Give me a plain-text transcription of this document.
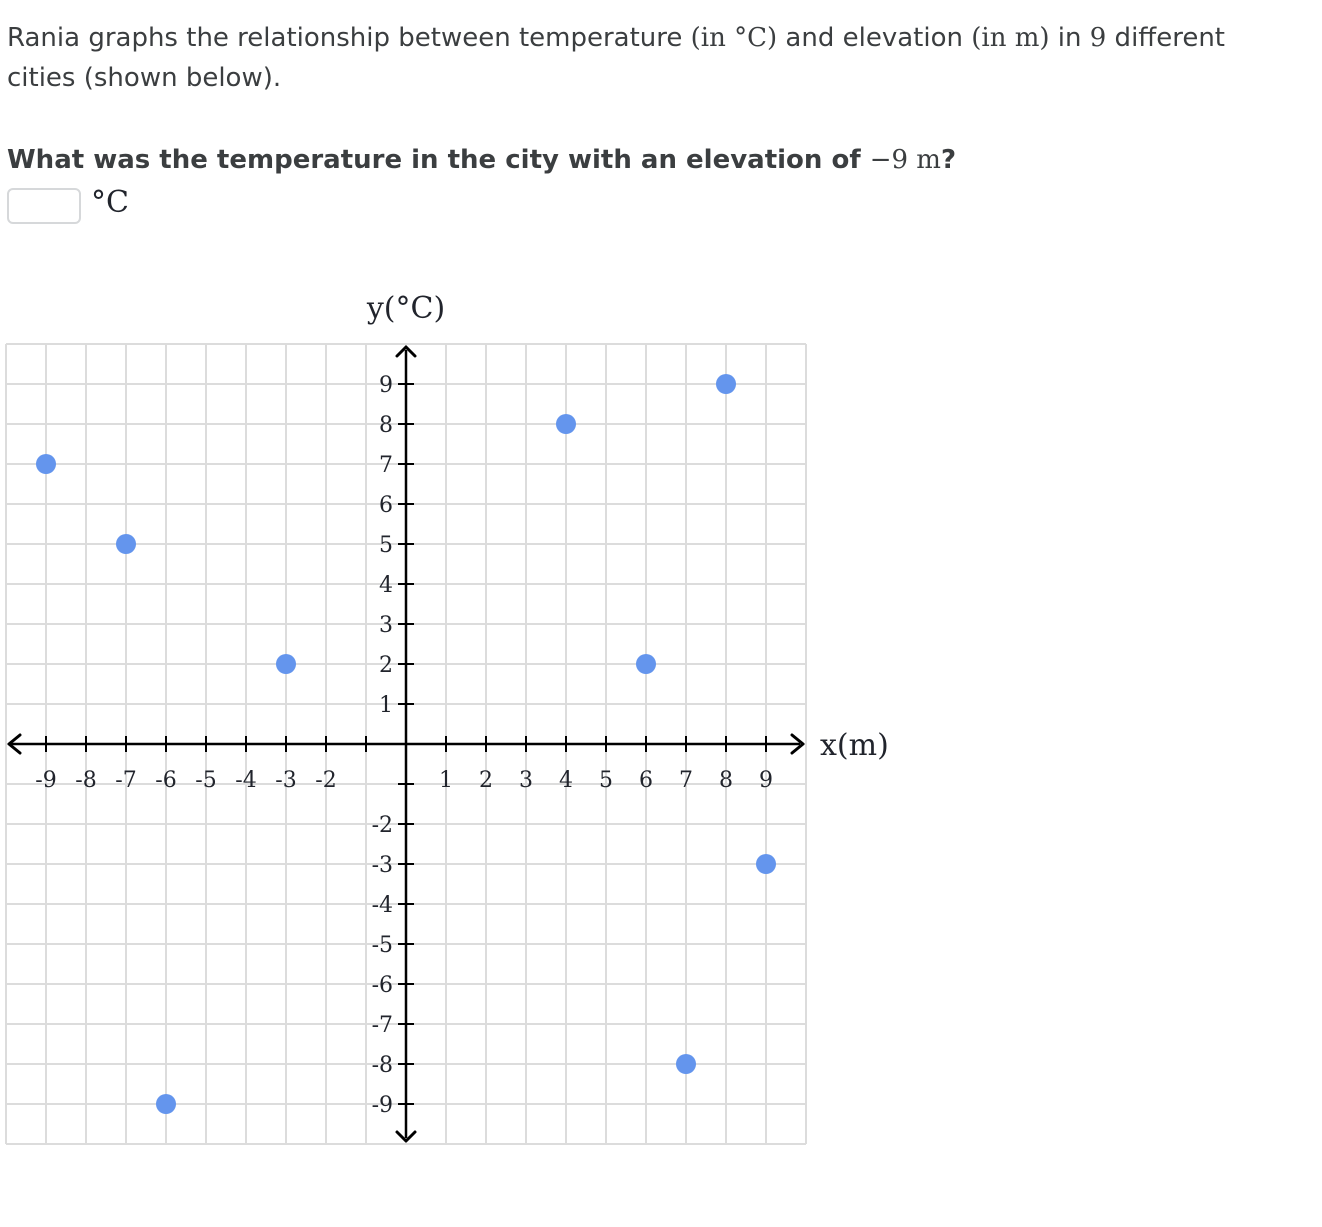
Rania graphs the relationship between temperature (in °C) and elevation (in m) in 9 different cities (shown below).
What was the temperature in the city with an elevation of −9 m?
°C
-9 -8 -7 -6 -5 -4 -3 -2	1 2 3 4 5 6 7 8 9
9
8
7
6
5
4
3
2
1
-2
-3
-4
-5
-6
-7
-8
-9
x(m)
y(°C)
